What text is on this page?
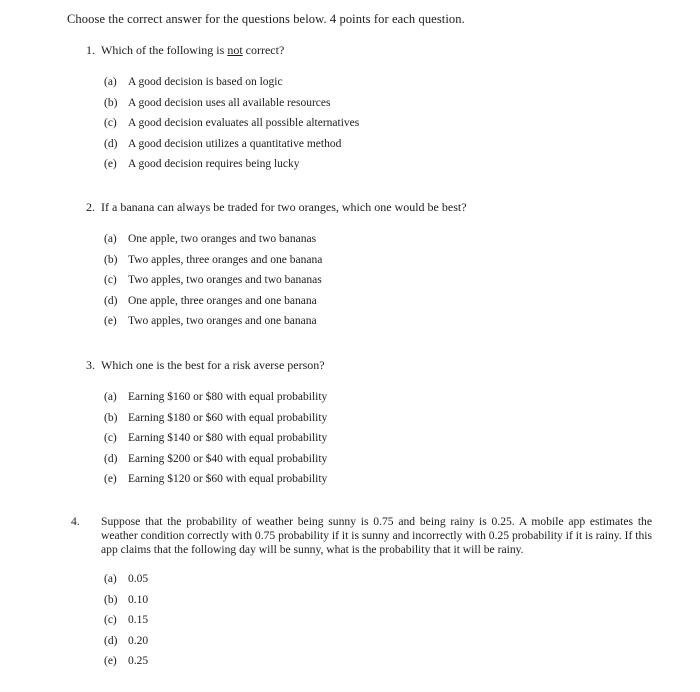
Choose the correct answer for the questions below. 4 points for each question.
1. Which of the following is not correct?
(a) A good decision is based on logic
(b) A good decision uses all available resources
(c) A good decision evaluates all possible alternatives
(d) A good decision utilizes a quantitative method
(e) A good decision requires being lucky
2. If a banana can always be traded for two oranges, which one would be best?
(a) One apple, two oranges and two bananas
(b) Two apples, three oranges and one banana
(c) Two apples, two oranges and two bananas
(d) One apple, three oranges and one banana
(e) Two apples, two oranges and one banana
3. Which one is the best for a risk averse person?
(a) Earning $160 or $80 with equal probability
(b) Earning $180 or $60 with equal probability
(c) Earning $140 or $80 with equal probability
(d) Earning $200 or $40 with equal probability
(e) Earning $120 or $60 with equal probability
4. Suppose that the probability of weather being sunny is 0.75 and being rainy is 0.25. A mobile app estimates the weather condition correctly with 0.75 probability if it is sunny and incorrectly with 0.25 probability if it is rainy. If this app claims that the following day will be sunny, what is the probability that it will be rainy.
(a) 0.05
(b) 0.10
(c) 0.15
(d) 0.20
(e) 0.25
